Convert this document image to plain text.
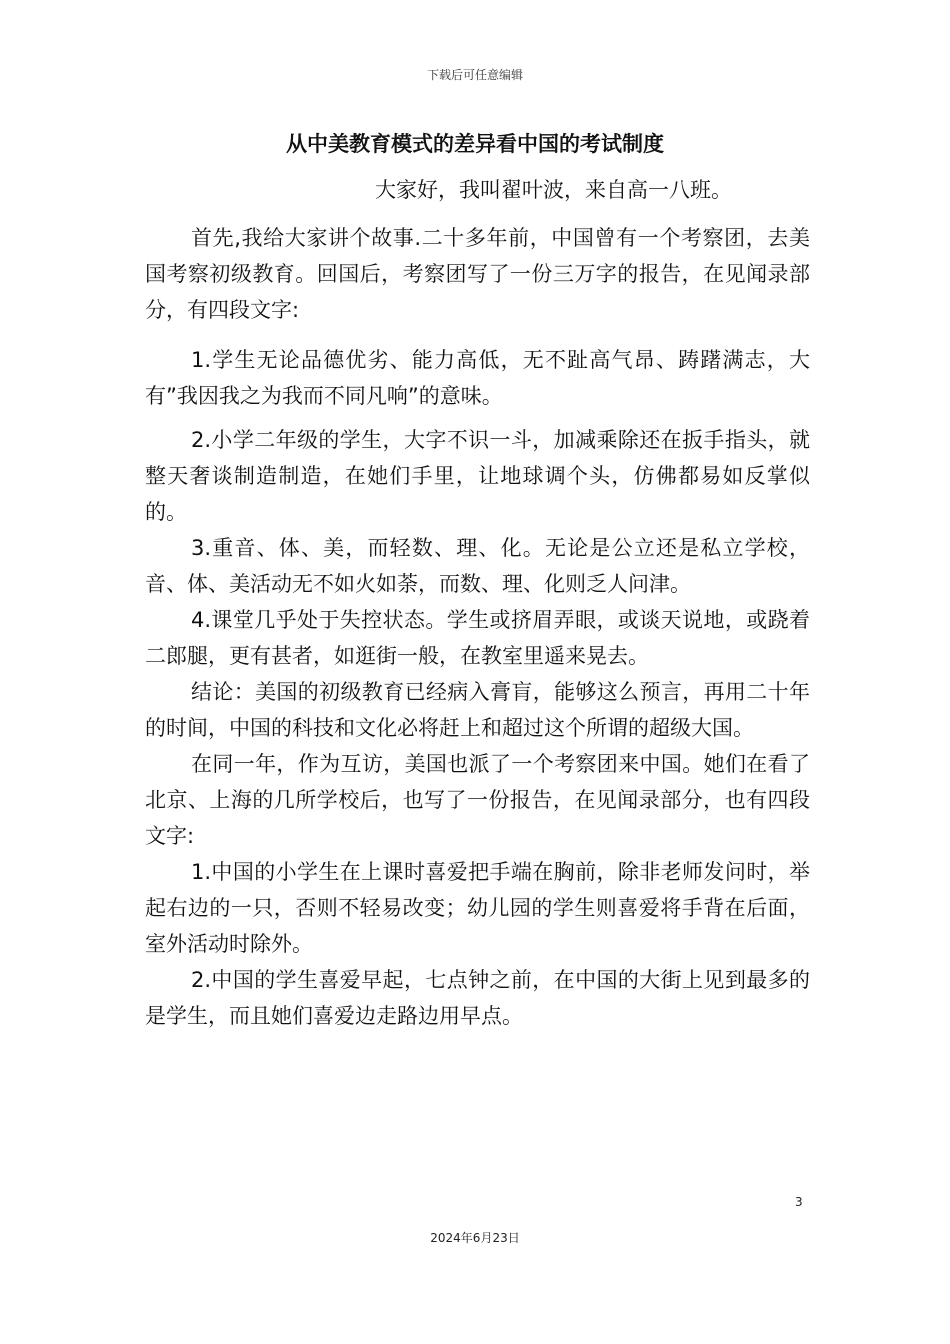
下载后可任意编辑
从中美教育模式的差异看中国的考试制度
大家好，我叫翟叶波，来自高一八班。

首先,我给大家讲个故事.二十多年前，中国曾有一个考察团，去美国考察初级教育。回国后，考察团写了一份三万字的报告，在见闻录部分，有四段文字:

1.学生无论品德优劣、能力高低，无不趾高气昂、踌躇满志，大有”我因我之为我而不同凡响”的意味。

2.小学二年级的学生，大字不识一斗，加减乘除还在扳手指头，就整天奢谈制造制造，在她们手里，让地球调个头，仿佛都易如反掌似的。

3.重音、体、美，而轻数、理、化。无论是公立还是私立学校，音、体、美活动无不如火如荼，而数、理、化则乏人问津。

4.课堂几乎处于失控状态。学生或挤眉弄眼，或谈天说地，或跷着二郎腿，更有甚者，如逛街一般，在教室里遥来晃去。

结论：美国的初级教育已经病入膏肓，能够这么预言，再用二十年的时间，中国的科技和文化必将赶上和超过这个所谓的超级大国。

在同一年，作为互访，美国也派了一个考察团来中国。她们在看了北京、上海的几所学校后，也写了一份报告，在见闻录部分，也有四段文字:

1.中国的小学生在上课时喜爱把手端在胸前，除非老师发问时，举起右边的一只，否则不轻易改变；幼儿园的学生则喜爱将手背在后面，室外活动时除外。

2.中国的学生喜爱早起，七点钟之前，在中国的大街上见到最多的是学生，而且她们喜爱边走路边用早点。

3
2024年6月23日
